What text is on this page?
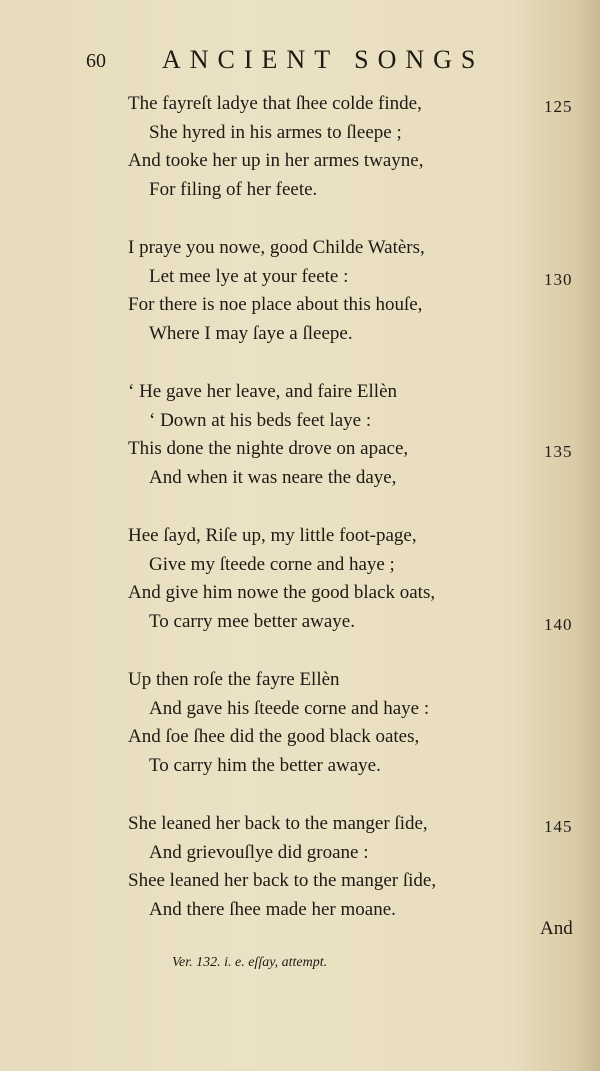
60 ANCIENT SONGS
The fayreſt ladye that ſhee colde finde,	125
She hyred in his armes to ſleepe ;
And tooke her up in her armes twayne,
For filing of her feete.
I praye you nowe, good Childe Watèrs,
Let mee lye at your feete :	130
For there is noe place about this houſe,
Where I may ſaye a ſleepe.
‘ He gave her leave, and faire Ellèn
‘ Down at his beds feet laye :
This done the nighte drove on apace,	135
And when it was neare the daye,
Hee ſayd, Riſe up, my little foot-page,
Give my ſteede corne and haye ;
And give him nowe the good black oats,
To carry mee better awaye.	140
Up then roſe the fayre Ellèn
And gave his ſteede corne and haye :
And ſoe ſhee did the good black oates,
To carry him the better awaye.
She leaned her back to the manger ſide,	145
And grievouſlye did groane :
Shee leaned her back to the manger ſide,
And there ſhee made her moane.
And
Ver. 132. i. e. eſſay, attempt.
